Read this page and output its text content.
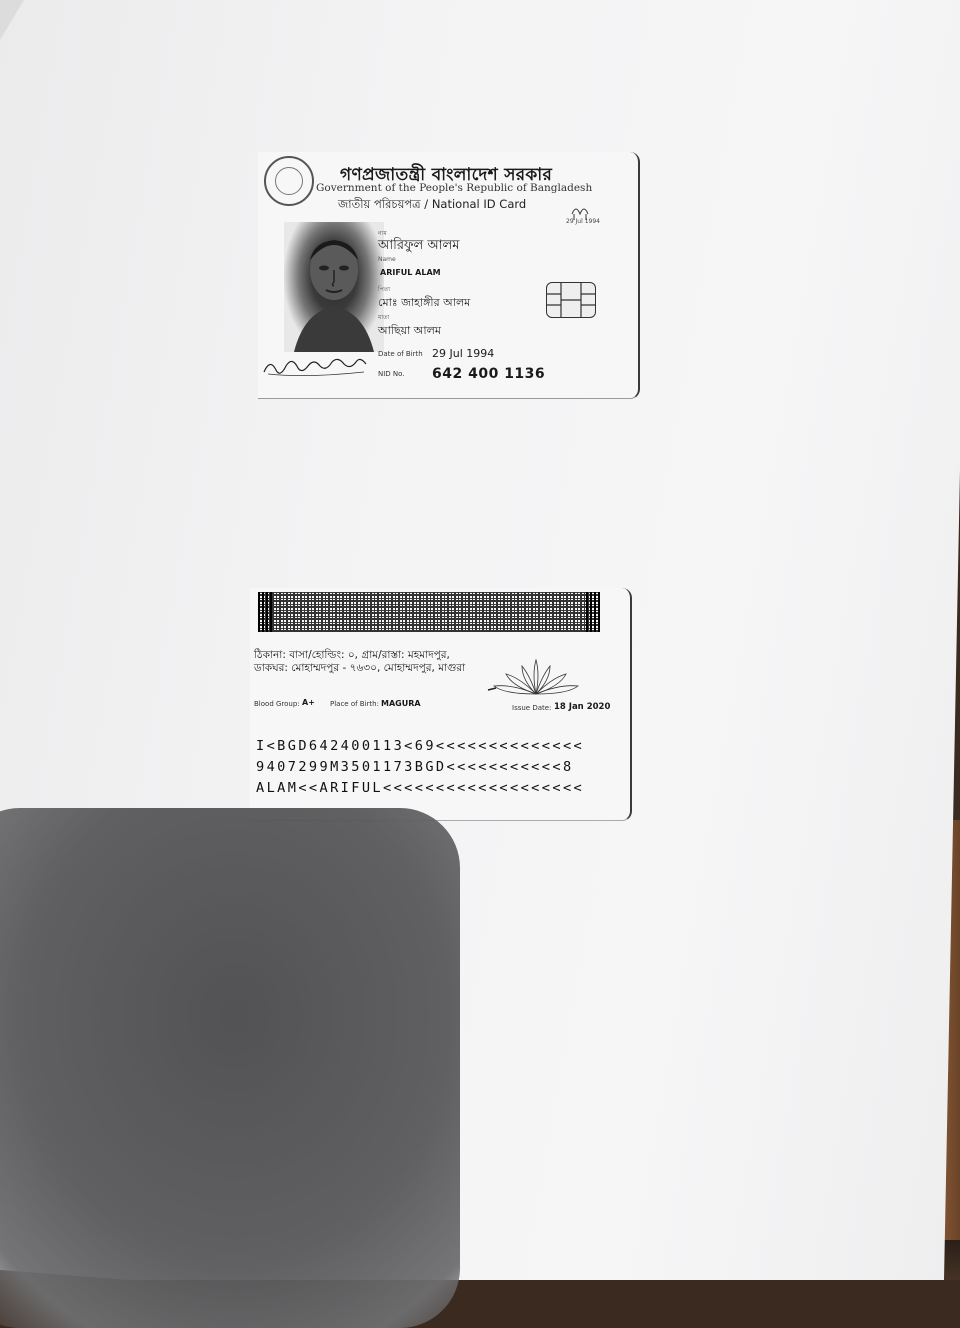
গণপ্রজাতন্ত্রী বাংলাদেশ সরকার
Government of the People's Republic of Bangladesh
জাতীয় পরিচয়পত্র / National ID Card
29 Jul 1994
নাম
আরিফুল আলম
Name
ARIFUL ALAM
পিতা
মোঃ জাহাঙ্গীর আলম
মাতা
আছিয়া আলম
Date of Birth 29 Jul 1994
NID No. 642 400 1136
ঠিকানা: বাসা/হোল্ডিং: ০, গ্রাম/রাস্তা: মহমাদপুর,
ডাকঘর: মোহাম্মদপুর - ৭৬৩০, মোহাম্মদপুর, মাগুরা
Blood Group: A+ Place of Birth: MAGURA	Issue Date: 18 Jan 2020
I<BGD642400113<69<<<<<<<<<<<<<<
9407299M3501173BGD<<<<<<<<<<<8
ALAM<<ARIFUL<<<<<<<<<<<<<<<<<<<
